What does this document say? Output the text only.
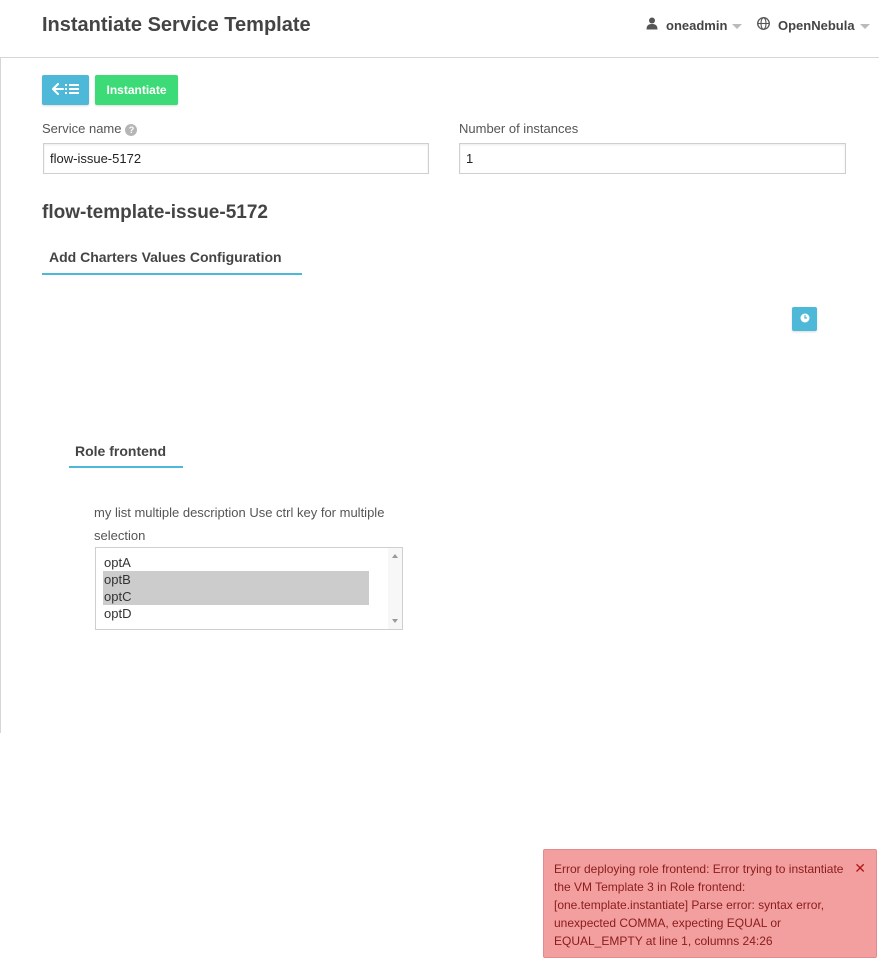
Instantiate Service Template	oneadmin	OpenNebula
Instantiate
Service name ?
flow-issue-5172	Number of instances
1
flow-template-issue-5172
Add Charters Values Configuration
Role frontend
my list multiple description Use ctrl key for multiple selection
optA
optB
optC
optD
Error deploying role frontend: Error trying to instantiate the VM Template 3 in Role frontend: [one.template.instantiate] Parse error: syntax error, unexpected COMMA, expecting EQUAL or EQUAL_EMPTY at line 1, columns 24:26
✕
